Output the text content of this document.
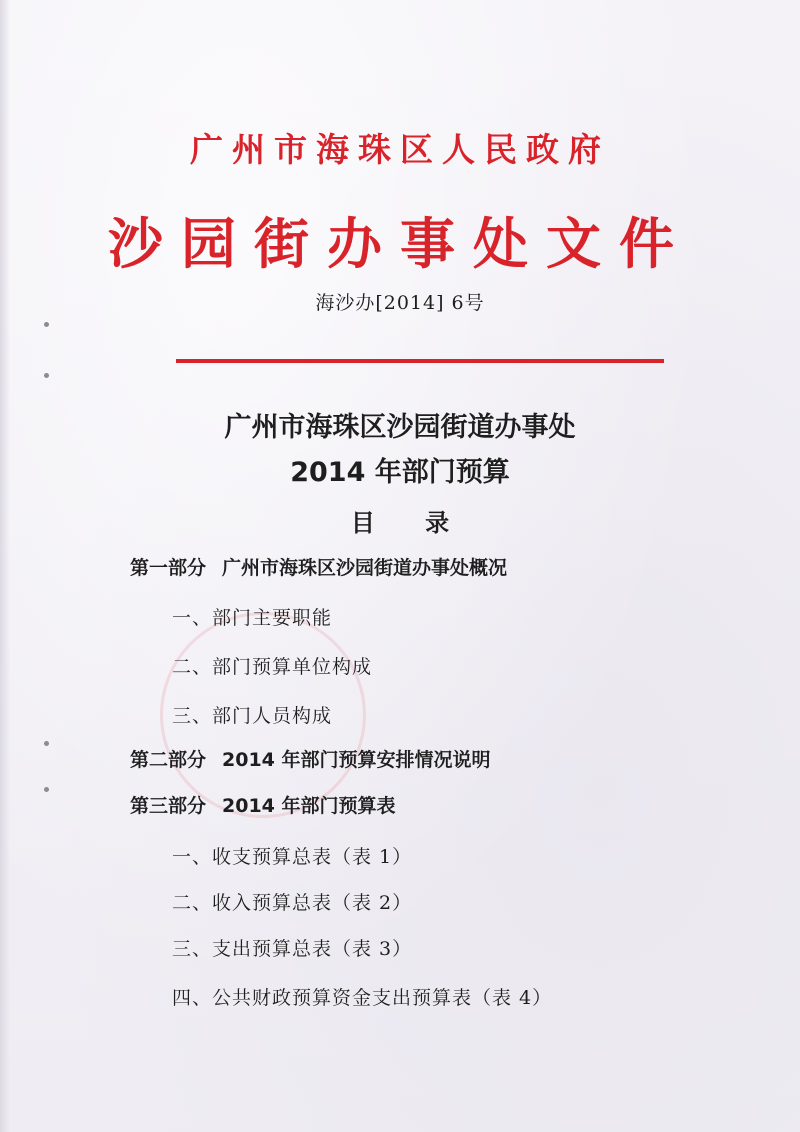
广州市海珠区人民政府
沙园街办事处文件
海沙办[2014] 6号
广州市海珠区沙园街道办事处
2014 年部门预算
目 录
第一部分 广州市海珠区沙园街道办事处概况
一、部门主要职能
二、部门预算单位构成
三、部门人员构成
第二部分 2014 年部门预算安排情况说明
第三部分 2014 年部门预算表
一、收支预算总表（表 1）
二、收入预算总表（表 2）
三、支出预算总表（表 3）
四、公共财政预算资金支出预算表（表 4）
